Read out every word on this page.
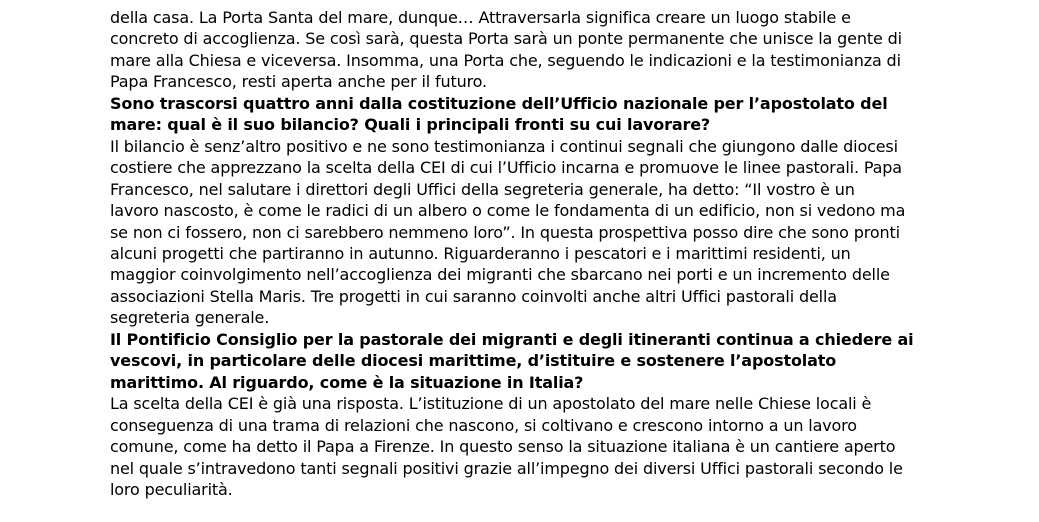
della casa. La Porta Santa del mare, dunque… Attraversarla significa creare un luogo stabile e
concreto di accoglienza. Se così sarà, questa Porta sarà un ponte permanente che unisce la gente di
mare alla Chiesa e viceversa. Insomma, una Porta che, seguendo le indicazioni e la testimonianza di
Papa Francesco, resti aperta anche per il futuro.
Sono trascorsi quattro anni dalla costituzione dell’Ufficio nazionale per l’apostolato del
mare: qual è il suo bilancio? Quali i principali fronti su cui lavorare?
Il bilancio è senz’altro positivo e ne sono testimonianza i continui segnali che giungono dalle diocesi
costiere che apprezzano la scelta della CEI di cui l’Ufficio incarna e promuove le linee pastorali. Papa
Francesco, nel salutare i direttori degli Uffici della segreteria generale, ha detto: “Il vostro è un
lavoro nascosto, è come le radici di un albero o come le fondamenta di un edificio, non si vedono ma
se non ci fossero, non ci sarebbero nemmeno loro”. In questa prospettiva posso dire che sono pronti
alcuni progetti che partiranno in autunno. Riguarderanno i pescatori e i marittimi residenti, un
maggior coinvolgimento nell’accoglienza dei migranti che sbarcano nei porti e un incremento delle
associazioni Stella Maris. Tre progetti in cui saranno coinvolti anche altri Uffici pastorali della
segreteria generale.
Il Pontificio Consiglio per la pastorale dei migranti e degli itineranti continua a chiedere ai
vescovi, in particolare delle diocesi marittime, d’istituire e sostenere l’apostolato
marittimo. Al riguardo, come è la situazione in Italia?
La scelta della CEI è già una risposta. L’istituzione di un apostolato del mare nelle Chiese locali è
conseguenza di una trama di relazioni che nascono, si coltivano e crescono intorno a un lavoro
comune, come ha detto il Papa a Firenze. In questo senso la situazione italiana è un cantiere aperto
nel quale s’intravedono tanti segnali positivi grazie all’impegno dei diversi Uffici pastorali secondo le
loro peculiarità.
